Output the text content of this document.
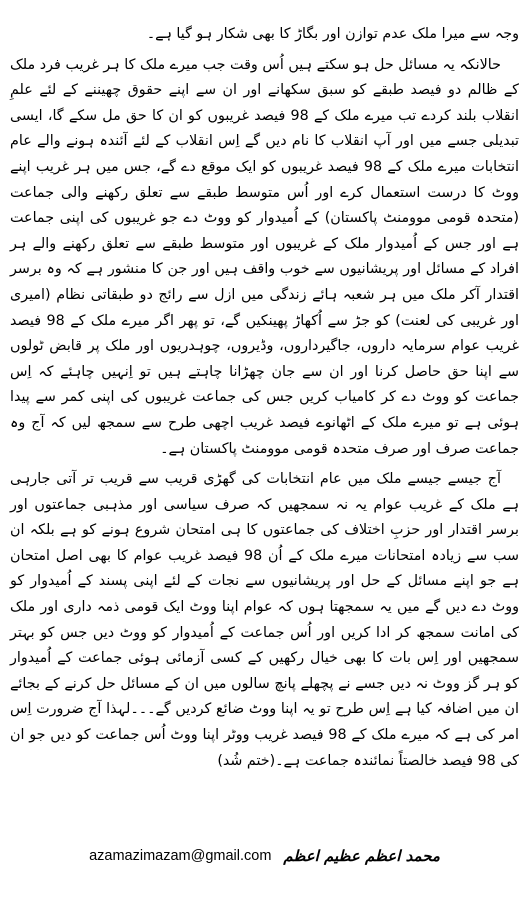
وجہ سے میرا ملک عدم توازن اور بگاڑ کا بھی شکار ہو گیا ہے۔

حالانکہ یہ مسائل حل ہو سکتے ہیں اُس وقت جب میرے ملک کا ہر غریب فرد ملک کے ظالم دو فیصد طبقے کو سبق سکھانے اور ان سے اپنے حقوق چھیننے کے لئے علمِ انقلاب بلند کردے تب میرے ملک کے 98 فیصد غریبوں کو ان کا حق مل سکے گا، ایسی تبدیلی جسے میں اور آپ انقلاب کا نام دیں گے اِس انقلاب کے لئے آئندہ ہونے والے عام انتخابات میرے ملک کے 98 فیصد غریبوں کو ایک موقع دے گے، جس میں ہر غریب اپنے ووٹ کا درست استعمال کرے اور اُس متوسط طبقے سے تعلق رکھنے والی جماعت (متحدہ قومی موومنٹ پاکستان) کے اُمیدوار کو ووٹ دے جو غریبوں کی اپنی جماعت ہے اور جس کے اُمیدوار ملک کے غریبوں اور متوسط طبقے سے تعلق رکھنے والے ہر افراد کے مسائل اور پریشانیوں سے خوب واقف ہیں اور جن کا منشور ہے کہ وہ برسر اقتدار آکر ملک میں ہر شعبہ ہائے زندگی میں ازل سے رائج دو طبقاتی نظام (امیری اور غریبی کی لعنت) کو جڑ سے اُکھاڑ پھینکیں گے، تو پھر اگر میرے ملک کے 98 فیصد غریب عوام سرمایہ داروں، جاگیرداروں، وڈیروں، چوہدریوں اور ملک پر قابض ٹولوں سے اپنا حق حاصل کرنا اور ان سے جان چھڑانا چاہتے ہیں تو اِنہیں چاہئے کہ اِس جماعت کو ووٹ دے کر کامیاب کریں جس کی جماعت غریبوں کی اپنی کمر سے پیدا ہوئی ہے تو میرے ملک کے اٹھانوے فیصد غریب اچھی طرح سے سمجھ لیں کہ آج وہ جماعت صرف اور صرف متحدہ قومی موومنٹ پاکستان ہے۔

آج جیسے جیسے ملک میں عام انتخابات کی گھڑی قریب سے قریب تر آتی جارہی ہے ملک کے غریب عوام یہ نہ سمجھیں کہ صرف سیاسی اور مذہبی جماعتوں اور برسر اقتدار اور حزبِ اختلاف کی جماعتوں کا ہی امتحان شروع ہونے کو ہے بلکہ ان سب سے زیادہ امتحانات میرے ملک کے اُن 98 فیصد غریب عوام کا بھی اصل امتحان ہے جو اپنے مسائل کے حل اور پریشانیوں سے نجات کے لئے اپنی پسند کے اُمیدوار کو ووٹ دے دیں گے میں یہ سمجھتا ہوں کہ عوام اپنا ووٹ ایک قومی ذمہ داری اور ملک کی امانت سمجھ کر ادا کریں اور اُس جماعت کے اُمیدوار کو ووٹ دیں جس کو بہتر سمجھیں اور اِس بات کا بھی خیال رکھیں کے کسی آزمائی ہوئی جماعت کے اُمیدوار کو ہر گز ووٹ نہ دیں جسے نے پچھلے پانچ سالوں میں ان کے مسائل حل کرنے کے بجائے ان میں اضافہ کیا ہے اِس طرح تو یہ اپنا ووٹ ضائع کردیں گے۔۔۔لہذا آج ضرورت اِس امر کی ہے کہ میرے ملک کے 98 فیصد غریب ووٹر اپنا ووٹ اُس جماعت کو دیں جو ان کی 98 فیصد خالصتاً نمائندہ جماعت ہے۔(ختم شُد)

azamazimazam@gmail.com محمد اعظم عظیم اعظم
